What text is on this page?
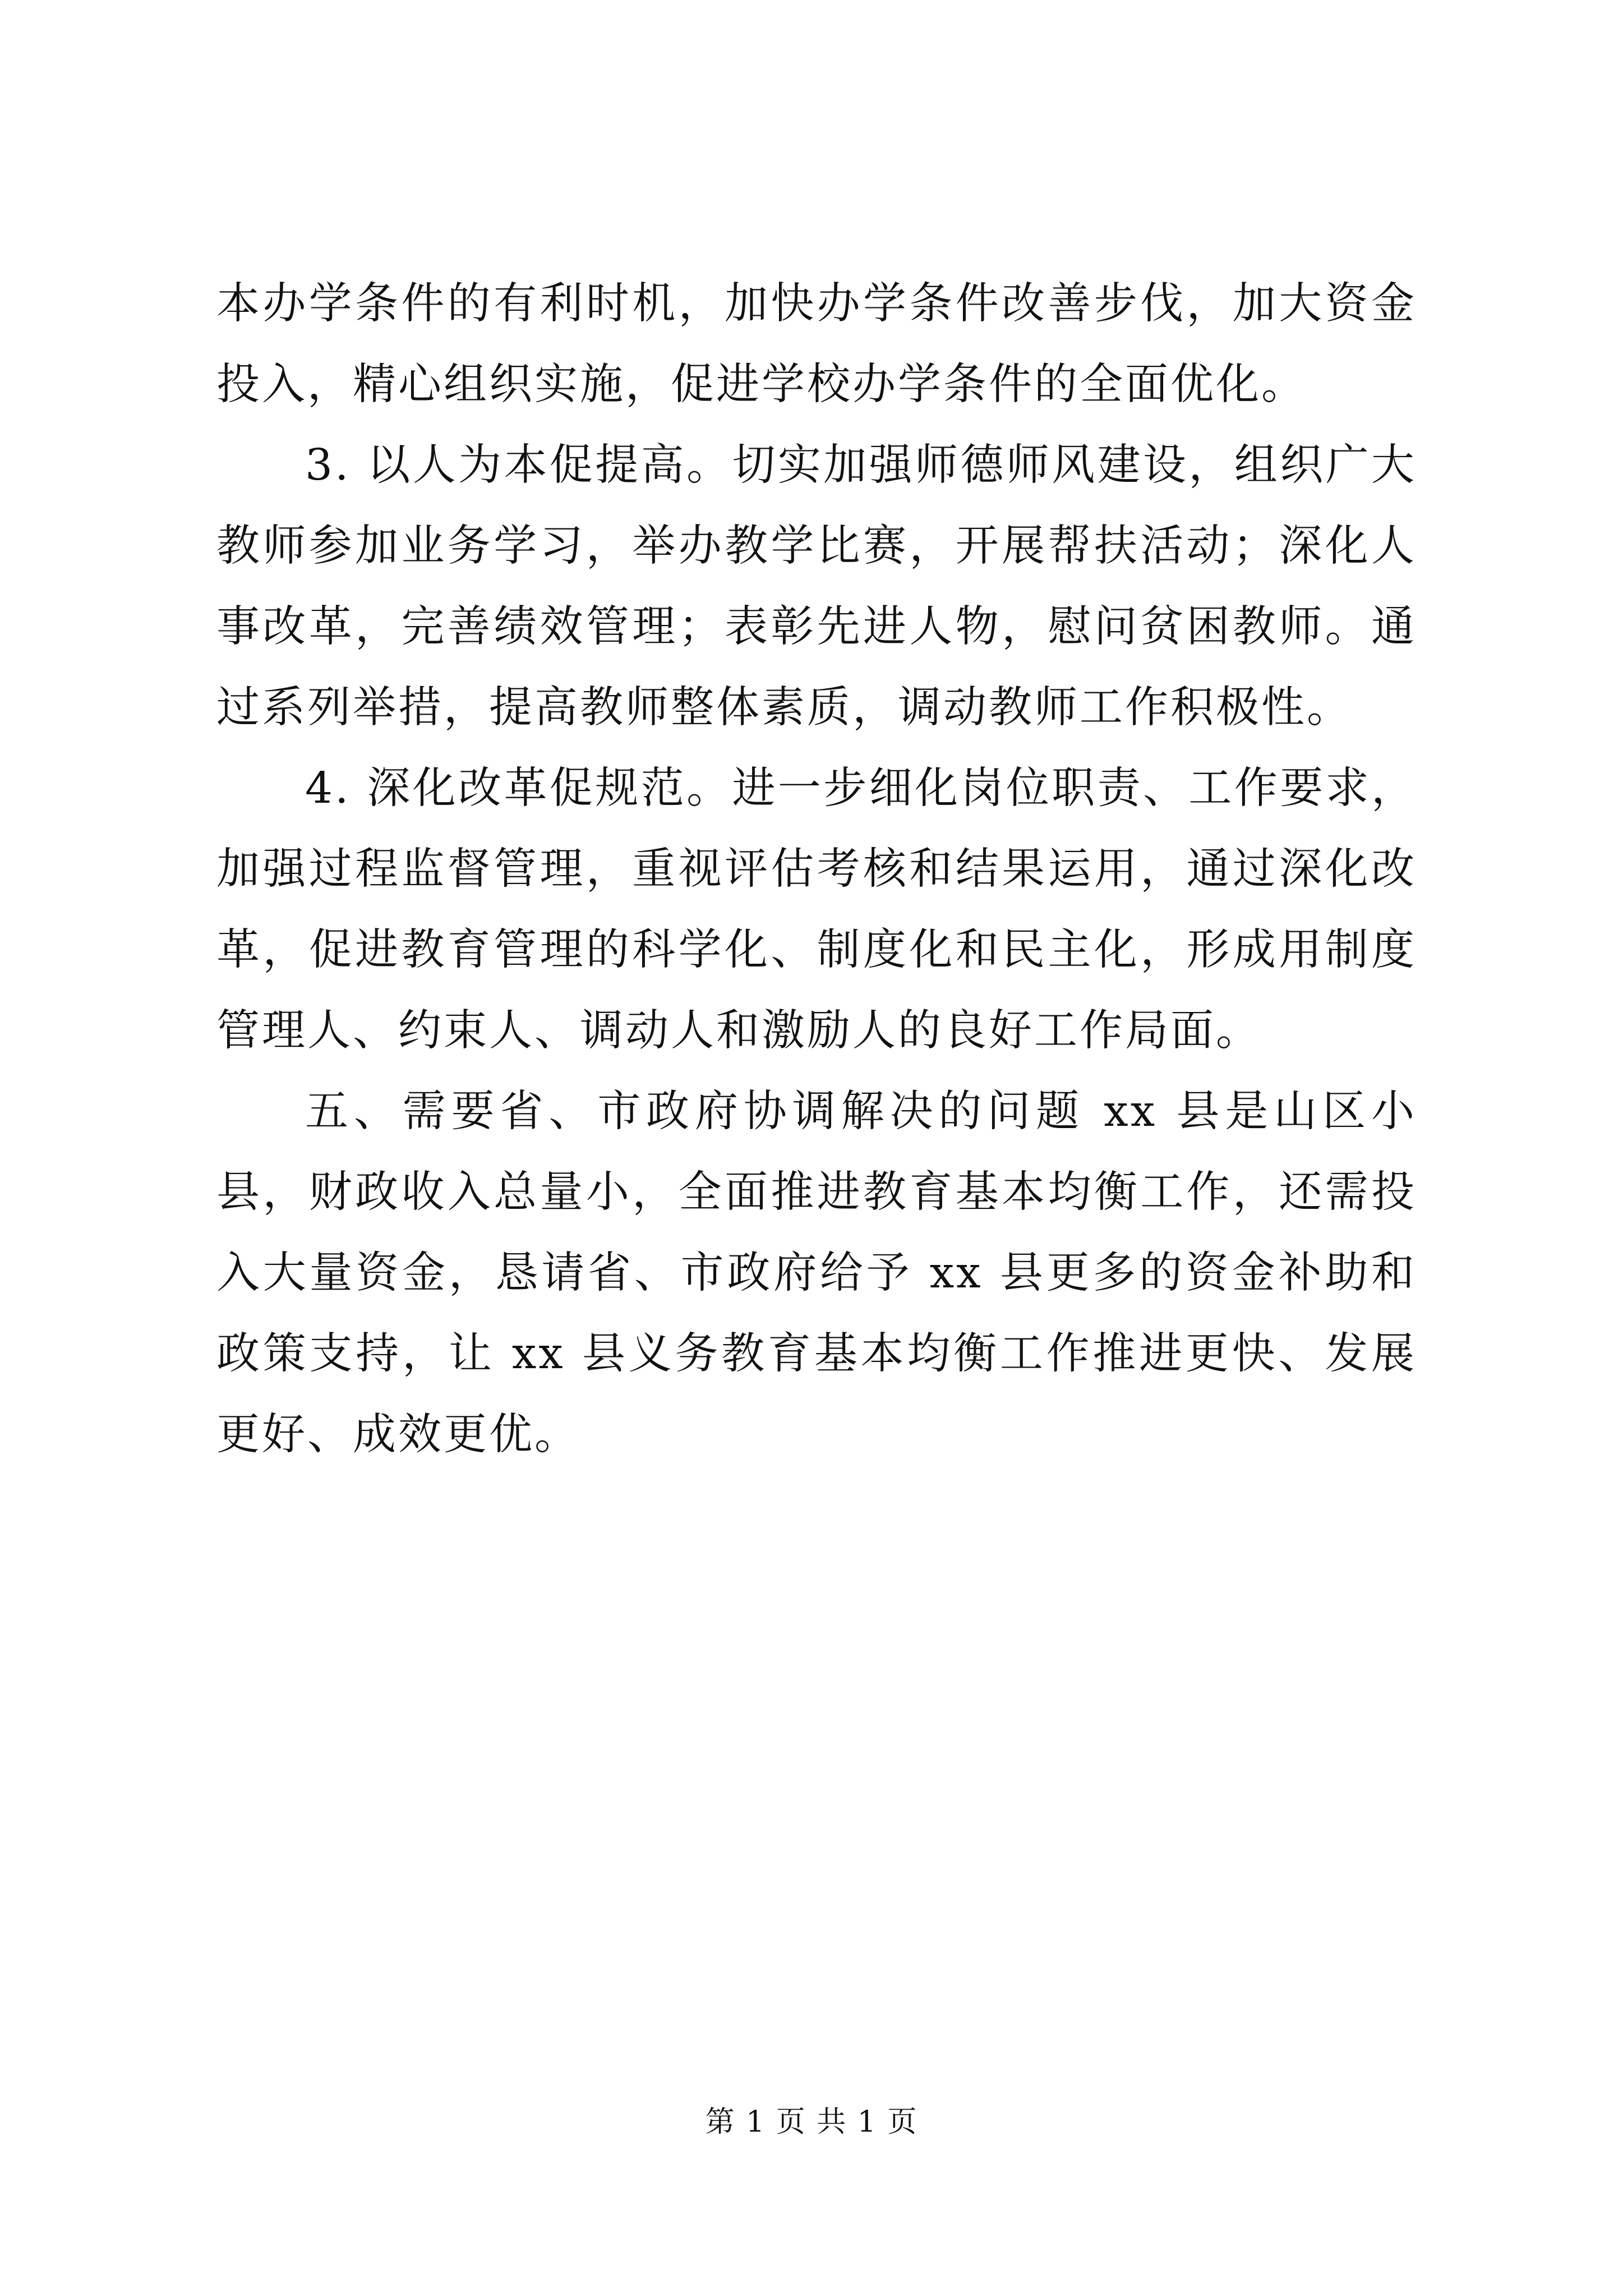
本办学条件的有利时机，加快办学条件改善步伐，加大资金投入，精心组织实施，促进学校办学条件的全面优化。

3. 以人为本促提高。切实加强师德师风建设，组织广大教师参加业务学习，举办教学比赛，开展帮扶活动；深化人事改革，完善绩效管理；表彰先进人物，慰问贫困教师。通过系列举措，提高教师整体素质，调动教师工作积极性。

4. 深化改革促规范。进一步细化岗位职责、工作要求，加强过程监督管理，重视评估考核和结果运用，通过深化改革，促进教育管理的科学化、制度化和民主化，形成用制度管理人、约束人、调动人和激励人的良好工作局面。

五、需要省、市政府协调解决的问题 xx 县是山区小县，财政收入总量小，全面推进教育基本均衡工作，还需投入大量资金，恳请省、市政府给予 xx 县更多的资金补助和政策支持，让 xx 县义务教育基本均衡工作推进更快、发展更好、成效更优。

第 1 页 共 1 页
